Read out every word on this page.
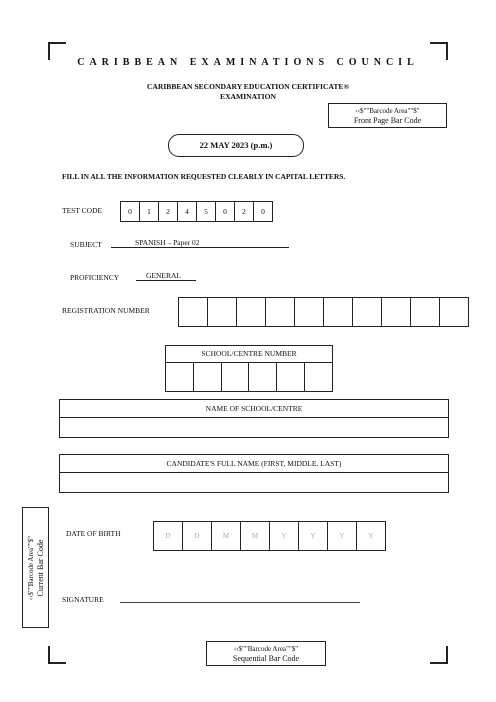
CARIBBEAN EXAMINATIONS COUNCIL
CARIBBEAN SECONDARY EDUCATION CERTIFICATE®
EXAMINATION
‹‹$""Barcode Area""$"
Front Page Bar Code
22 MAY 2023 (p.m.)
FILL IN ALL THE INFORMATION REQUESTED CLEARLY IN CAPITAL LETTERS.
TEST CODE	0	1	2	4	5	0	2	0
SUBJECT	SPANISH – Paper 02
PROFICIENCY	GENERAL
REGISTRATION NUMBER
SCHOOL/CENTRE NUMBER
NAME OF SCHOOL/CENTRE
CANDIDATE'S FULL NAME (FIRST, MIDDLE, LAST)
‹‹$""Barcode Area""$" Current Bar Code
DATE OF BIRTH	D	D	M	M	Y	Y	Y	Y
SIGNATURE
‹‹$""Barcode Area""$"
Sequential Bar Code
